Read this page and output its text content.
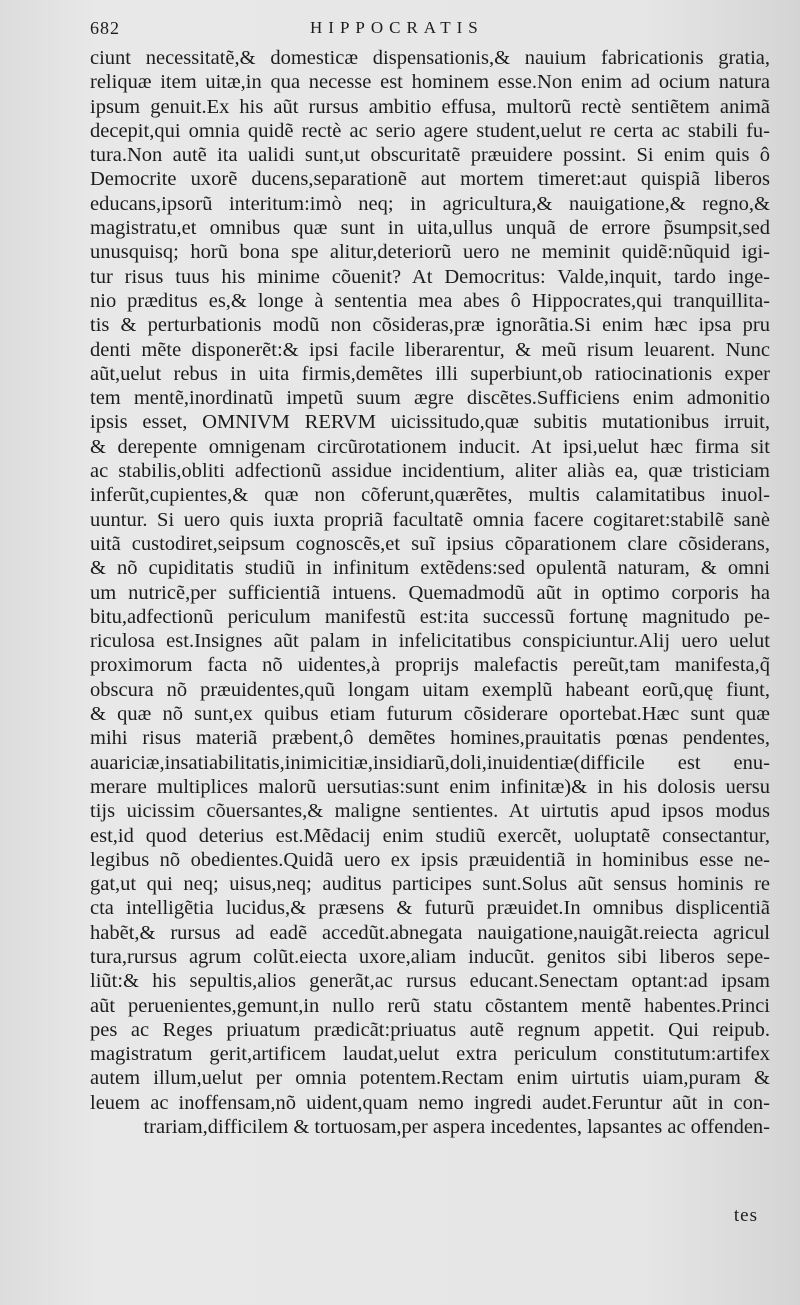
682	HIPPOCRATIS
ciunt necessitatẽ,& domesticæ dispensationis,& nauium fabricationis gratia,
reliquæ item uitæ,in qua necesse est hominem esse.Non enim ad ocium natura
ipsum genuit.Ex his aũt rursus ambitio effusa, multorũ rectè sentiẽtem animã
decepit,qui omnia quidẽ rectè ac serio agere student,uelut re certa ac stabili fu-
tura.Non autẽ ita ualidi sunt,ut obscuritatẽ præuidere possint. Si enim quis ô
Democrite uxorẽ ducens,separationẽ aut mortem timeret:aut quispiã liberos
educans,ipsorũ interitum:imò neq; in agricultura,& nauigatione,& regno,&
magistratu,et omnibus quæ sunt in uita,ullus unquã de errore p̃sumpsit,sed
unusquisq; horũ bona spe alitur,deteriorũ uero ne meminit quidẽ:nũquid igi-
tur risus tuus his minime cõuenit? At Democritus: Valde,inquit, tardo inge-
nio præditus es,& longe à sententia mea abes ô Hippocrates,qui tranquillita-
tis & perturbationis modũ non cõsideras,præ ignorãtia.Si enim hæc ipsa pru
denti mẽte disponerẽt:& ipsi facile liberarentur, & meũ risum leuarent. Nunc
aũt,uelut rebus in uita firmis,demẽtes illi superbiunt,ob ratiocinationis exper
tem mentẽ,inordinatũ impetũ suum ægre discẽtes.Sufficiens enim admonitio
ipsis esset, OMNIVM RERVM uicissitudo,quæ subitis mutationibus irruit,
& derepente omnigenam circũrotationem inducit. At ipsi,uelut hæc firma sit
ac stabilis,obliti adfectionũ assidue incidentium, aliter aliàs ea, quæ tristiciam
inferũt,cupientes,& quæ non cõferunt,quærẽtes, multis calamitatibus inuol-
uuntur. Si uero quis iuxta propriã facultatẽ omnia facere cogitaret:stabilẽ sanè
uitã custodiret,seipsum cognoscẽs,et suĩ ipsius cõparationem clare cõsiderans,
& nõ cupiditatis studiũ in infinitum extẽdens:sed opulentã naturam, & omni
um nutricẽ,per sufficientiã intuens. Quemadmodũ aũt in optimo corporis ha
bitu,adfectionũ periculum manifestũ est:ita successũ fortunę magnitudo pe-
riculosa est.Insignes aũt palam in infelicitatibus conspiciuntur.Alij uero uelut
proximorum facta nõ uidentes,à proprijs malefactis pereũt,tam manifesta,q̃
obscura nõ præuidentes,quũ longam uitam exemplũ habeant eorũ,quę fiunt,
& quæ nõ sunt,ex quibus etiam futurum cõsiderare oportebat.Hæc sunt quæ
mihi risus materiã præbent,ô demẽtes homines,prauitatis pœnas pendentes,
auariciæ,insatiabilitatis,inimicitiæ,insidiarũ,doli,inuidentiæ(difficile est enu-
merare multiplices malorũ uersutias:sunt enim infinitæ)& in his dolosis uersu
tijs uicissim cõuersantes,& maligne sentientes. At uirtutis apud ipsos modus
est,id quod deterius est.Mẽdacij enim studiũ exercẽt, uoluptatẽ consectantur,
legibus nõ obedientes.Quidã uero ex ipsis præuidentiã in hominibus esse ne-
gat,ut qui neq; uisus,neq; auditus participes sunt.Solus aũt sensus hominis re
cta intelligẽtia lucidus,& præsens & futurũ præuidet.In omnibus displicentiã
habẽt,& rursus ad eadẽ accedũt.abnegata nauigatione,nauigãt.reiecta agricul
tura,rursus agrum colũt.eiecta uxore,aliam inducũt. genitos sibi liberos sepe-
liũt:& his sepultis,alios generãt,ac rursus educant.Senectam optant:ad ipsam
aũt peruenientes,gemunt,in nullo rerũ statu cõstantem mentẽ habentes.Princi
pes ac Reges priuatum prædicãt:priuatus autẽ regnum appetit. Qui reipub.
magistratum gerit,artificem laudat,uelut extra periculum constitutum:artifex
autem illum,uelut per omnia potentem.Rectam enim uirtutis uiam,puram &
leuem ac inoffensam,nõ uident,quam nemo ingredi audet.Feruntur aũt in con-
trariam,difficilem & tortuosam,per aspera incedentes, lapsantes ac offenden-
tes
